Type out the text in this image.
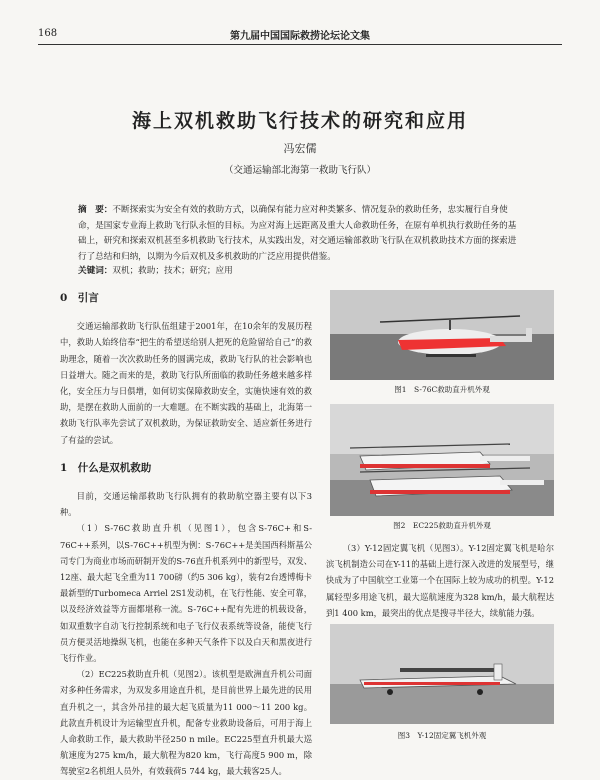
168	第九届中国国际救捞论坛论文集
海上双机救助飞行技术的研究和应用
冯宏儒
（交通运输部北海第一救助飞行队）
摘　要：不断探索实为安全有效的救助方式，以确保有能力应对种类繁多、情况复杂的救助任务，忠实履行自身使命，是国家专业海上救助飞行队永恒的目标。为应对海上远距离及重大人命救助任务，在原有单机执行救助任务的基础上，研究和探索双机甚至多机救助飞行技术，从实践出发，对交通运输部救助飞行队在双机救助技术方面的探索进行了总结和归纳，以期为今后双机及多机救助的广泛应用提供借鉴。
关键词：双机；救助；技术；研究；应用
0　引言

交通运输部救助飞行队伍组建于2001年，在10余年的发展历程中，救助人始终信奉“把生的希望送给别人把死的危险留给自己”的救助理念，随着一次次救助任务的圆满完成，救助飞行队的社会影响也日益增大。随之而来的是，救助飞行队所面临的救助任务越来越多样化，安全压力与日俱增，如何切实保障救助安全，实施快速有效的救助，是摆在救助人面前的一大难题。在不断实践的基础上，北海第一救助飞行队率先尝试了双机救助，为保证救助安全、适应新任务进行了有益的尝试。

1　什么是双机救助

目前，交通运输部救助飞行队拥有的救助航空器主要有以下3种。

（1）S-76C救助直升机（见图1），包含S-76C+和S-76C++系列，以S-76C++机型为例：S-76C++是美国西科斯基公司专门为商业市场而研制开发的S-76直升机系列中的新型号，双发、12座、最大起飞全重为11 700磅（约5 306 kg），装有2台透博梅卡最新型的Turbomeca Arriel 2S1发动机，在飞行性能、安全可靠，以及经济效益等方面都堪称一流。S-76C++配有先进的机载设备，如双重数字自动飞行控制系统和电子飞行仪表系统等设备，能使飞行员方便灵活地操纵飞机，也能在多种天气条件下以及白天和黑夜进行飞行作业。

（2）EC225救助直升机（见图2）。该机型是欧洲直升机公司面对多种任务需求，为双发多用途直升机，是目前世界上最先进的民用直升机之一，其含外吊挂的最大起飞质量为11 000～11 200 kg。此款直升机设计为运输型直升机，配备专业救助设备后，可用于海上人命救助工作，最大救助半径250 n mile。EC225型直升机最大巡航速度为275 km/h，最大航程为820 km，飞行高度5 900 m，除驾驶室2名机组人员外，有效载荷5 744 kg，最大载客25人。

图1　S-76C救助直升机外观
图2　EC225救助直升机外观

（3）Y-12固定翼飞机（见图3）。Y-12固定翼飞机是哈尔滨飞机制造公司在Y-11的基础上进行深入改进的发展型号，继快成为了中国航空工业第一个在国际上较为成功的机型。Y-12属轻型多用途飞机，最大巡航速度为328 km/h，最大航程达到1 400 km，最突出的优点是搜寻半径大，续航能力强。

图3　Y-12固定翼飞机外观
